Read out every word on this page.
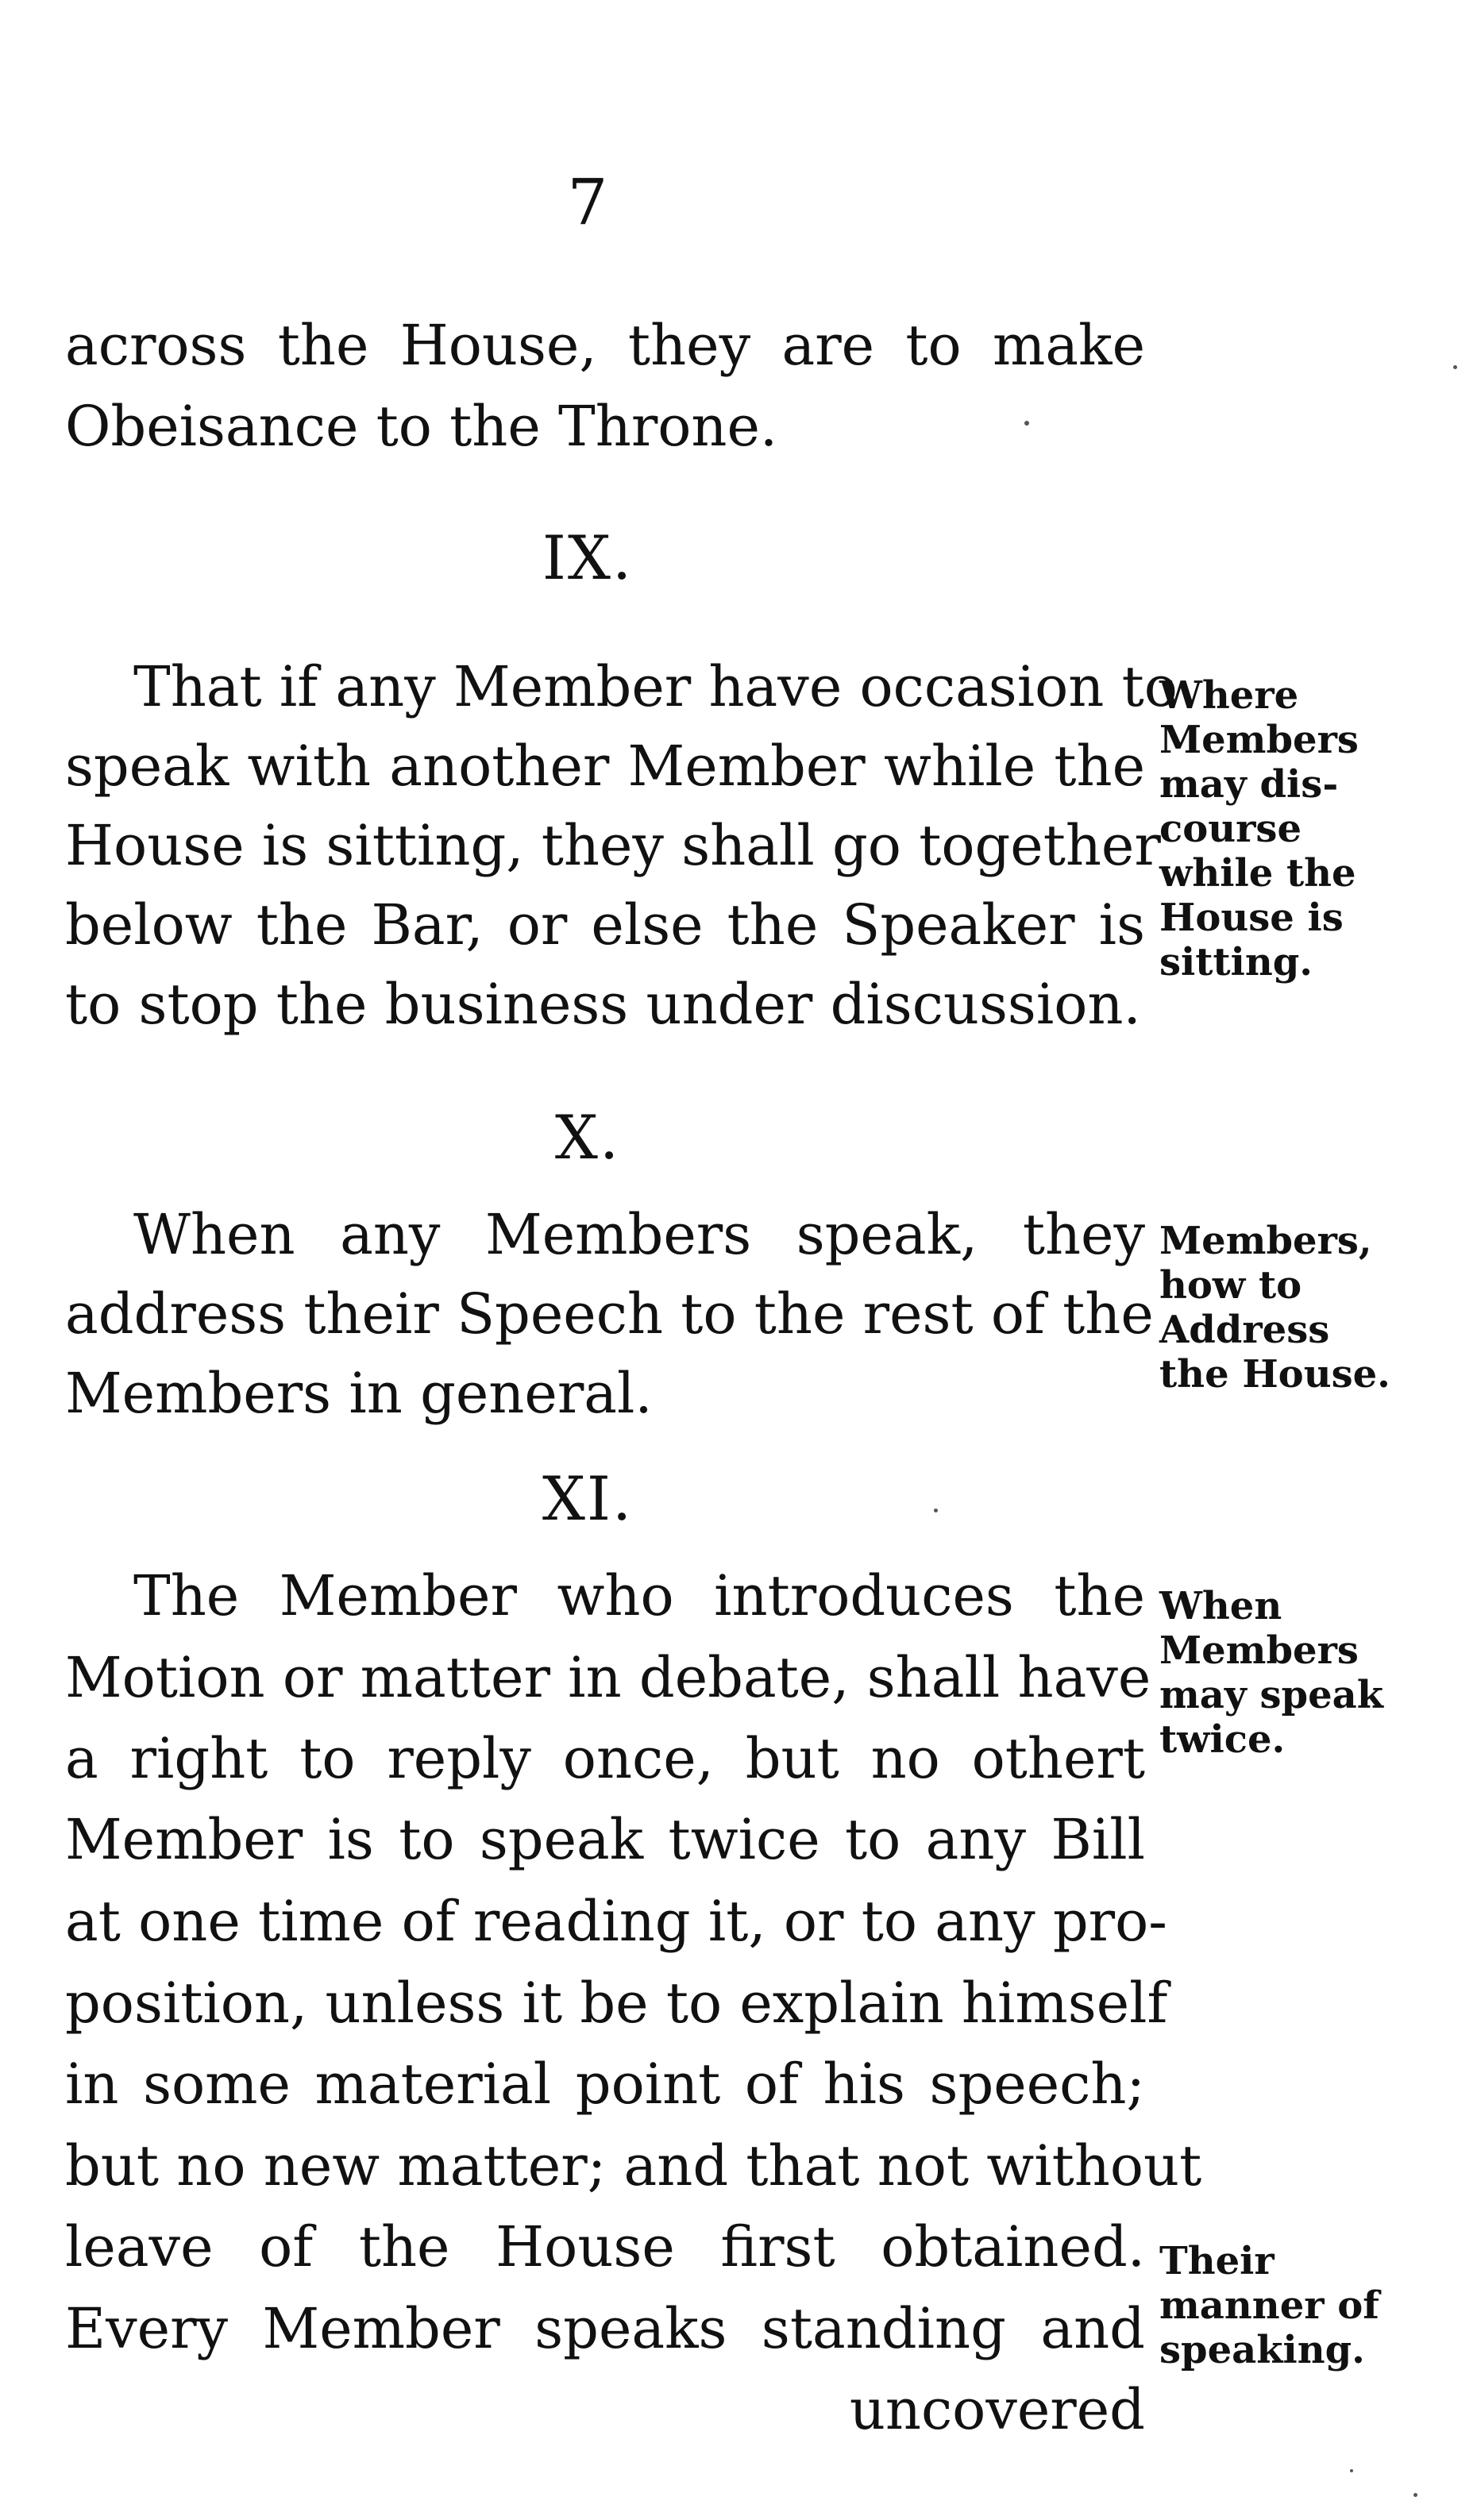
7
across the House, they are to make
Obeisance to the Throne.
IX.
That if any Member have occasion to
speak with another Member while the
House is sitting, they shall go together
below the Bar, or else the Speaker is
to stop the business under discussion.
Where
Members
may dis-
course
while the
House is
sitting.
X.
When any Members speak, they
address their Speech to the rest of the
Members in general.
Members,
how to
Address
the House.
XI.
The Member who introduces the
Motion or matter in debate, shall have
a right to reply once, but no othert
Member is to speak twice to any Bill
at one time of reading it, or to any pro-
position, unless it be to explain himself
in some material point of his speech;
but no new matter; and that not without
leave of the House first obtained.
Every Member speaks standing and
uncovered
When
Members
may speak
twice.
Their
manner of
speaking.
